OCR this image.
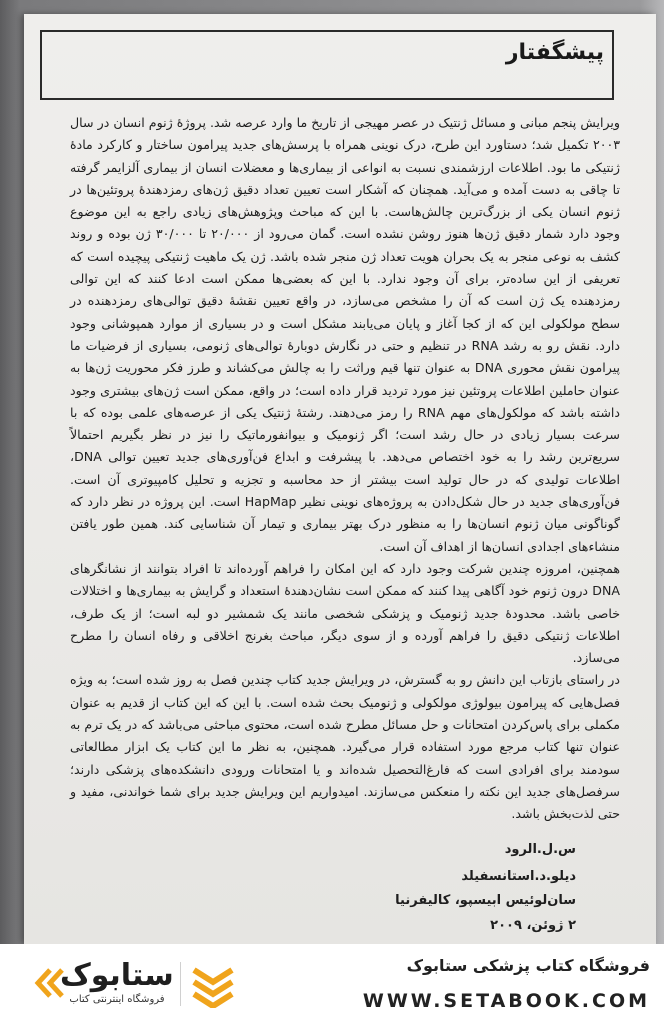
پیشگفتار

ویرایش پنجم مبانی و مسائل ژنتیک در عصر مهیجی از تاریخ ما وارد عرصه شد. پروژهٔ ژنوم انسان در سال ۲۰۰۳ تکمیل شد؛ دستاورد این طرح، درک نوینی همراه با پرسش‌های جدید پیرامون ساختار و کارکرد مادهٔ ژنتیکی ما بود. اطلاعات ارزشمندی نسبت به انواعی از بیماری‌ها و معضلات انسان از بیماری آلزایمر گرفته تا چاقی به دست آمده و می‌آید. همچنان که آشکار است تعیین تعداد دقیق ژن‌های رمزدهندهٔ پروتئین‌ها در ژنوم انسان یکی از بزرگ‌ترین چالش‌هاست. با این که مباحث وپژوهش‌های زیادی راجع به این موضوع وجود دارد شمار دقیق ژن‌ها هنوز روشن نشده است. گمان می‌رود از ۲۰/۰۰۰ تا ۳۰/۰۰۰ ژن بوده و روند کشف به نوعی منجر به یک بحران هویت تعداد ژن منجر شده باشد. ژن یک ماهیت ژنتیکی پیچیده است که تعریفی از این ساده‌تر، برای آن وجود ندارد. با این که بعضی‌ها ممکن است ادعا کنند که این توالی رمزدهنده یک ژن است که آن را مشخص می‌سازد، در واقع تعیین نقشهٔ دقیق توالی‌های رمزدهنده در سطح مولکولی این که از کجا آغاز و پایان می‌یابند مشکل است و در بسیاری از موارد همپوشانی وجود دارد. نقش رو به رشد RNA در تنظیم و حتی در نگارش دوبارهٔ توالی‌های ژنومی، بسیاری از فرضیات ما پیرامون نقش محوری DNA به عنوان تنها قیم وراثت را به چالش می‌کشاند و طرز فکر محوریت ژن‌ها به عنوان حاملین اطلاعات پروتئین نیز مورد تردید قرار داده است؛ در واقع، ممکن است ژن‌های بیشتری وجود داشته باشد که مولکول‌های مهم RNA را رمز می‌دهند. رشتهٔ ژنتیک یکی از عرصه‌های علمی بوده که با سرعت بسیار زیادی در حال رشد است؛ اگر ژنومیک و بیوانفورماتیک را نیز در نظر بگیریم احتمالاً سریع‌ترین رشد را به خود اختصاص می‌دهد. با پیشرفت و ابداع فن‌آوری‌های جدید تعیین توالی DNA، اطلاعات تولیدی که در حال تولید است بیشتر از حد محاسبه و تجزیه و تحلیل کامپیوتری آن است. فن‌آوری‌های جدید در حال شکل‌دادن به پروژه‌های نوینی نظیر HapMap است. این پروژه در نظر دارد که گوناگونی میان ژنوم انسان‌ها را به منظور درک بهتر بیماری و تیمار آن شناسایی کند. همین طور یافتن منشاءهای اجدادی انسان‌ها از اهداف آن است.

همچنین، امروزه چندین شرکت وجود دارد که این امکان را فراهم آورده‌اند تا افراد بتوانند از نشانگرهای DNA درون ژنوم خود آگاهی پیدا کنند که ممکن است نشان‌دهندهٔ استعداد و گرایش به بیماری‌ها و اختلالات خاصی باشد. محدودهٔ جدید ژنومیک و پزشکی شخصی مانند یک شمشیر دو لبه است؛ از یک طرف، اطلاعات ژنتیکی دقیق را فراهم آورده و از سوی دیگر، مباحث بغرنج اخلاقی و رفاه انسان را مطرح می‌سازد.

در راستای بازتاب این دانش رو به گسترش، در ویرایش جدید کتاب چندین فصل به روز شده است؛ به ویژه فصل‌هایی که پیرامون بیولوژی مولکولی و ژنومیک بحث شده است. با این که این کتاب از قدیم به عنوان مکملی برای پاس‌کردن امتحانات و حل مسائل مطرح شده است، محتوی مباحثی می‌باشد که در یک ترم به عنوان تنها کتاب مرجع مورد استفاده قرار می‌گیرد. همچنین، به نظر ما این کتاب یک ابزار مطالعاتی سودمند برای افرادی است که فارغ‌التحصیل شده‌اند و یا امتحانات ورودی دانشکده‌های پزشکی دارند؛ سرفصل‌های جدید این نکته را منعکس می‌سازند. امیدواریم این ویرایش جدید برای شما خواندنی، مفید و حتی لذت‌بخش باشد.

س.ل.الرود
دیلو.د.استانسفیلد
سان‌لوئیس ابیسپو، کالیفرنیا
۲ ژوئن، ۲۰۰۹
ستابوک
فروشگاه اینترنتی کتاب
فروشگاه کتاب پزشکی ستابوک
WWW.SETABOOK.COM
